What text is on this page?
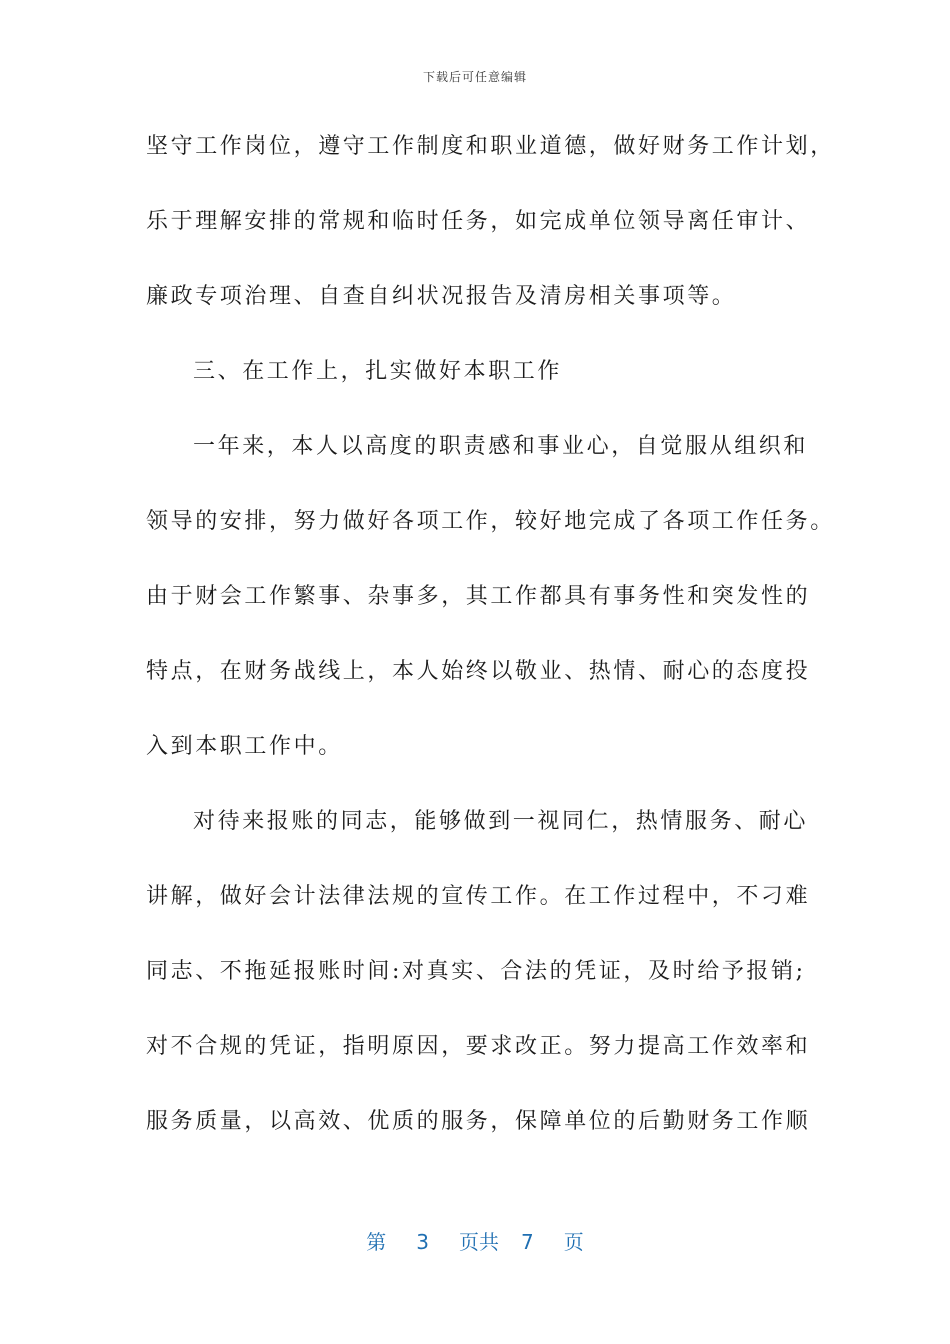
下载后可任意编辑
坚守工作岗位，遵守工作制度和职业道德，做好财务工作计划，
乐于理解安排的常规和临时任务，如完成单位领导离任审计、
廉政专项治理、自查自纠状况报告及清房相关事项等。
三、在工作上，扎实做好本职工作
一年来，本人以高度的职责感和事业心，自觉服从组织和
领导的安排，努力做好各项工作，较好地完成了各项工作任务。
由于财会工作繁事、杂事多，其工作都具有事务性和突发性的
特点，在财务战线上，本人始终以敬业、热情、耐心的态度投
入到本职工作中。
对待来报账的同志，能够做到一视同仁，热情服务、耐心
讲解，做好会计法律法规的宣传工作。在工作过程中，不刁难
同志、不拖延报账时间:对真实、合法的凭证，及时给予报销;
对不合规的凭证，指明原因，要求改正。努力提高工作效率和
服务质量，以高效、优质的服务，保障单位的后勤财务工作顺
第 3 页共 7 页
